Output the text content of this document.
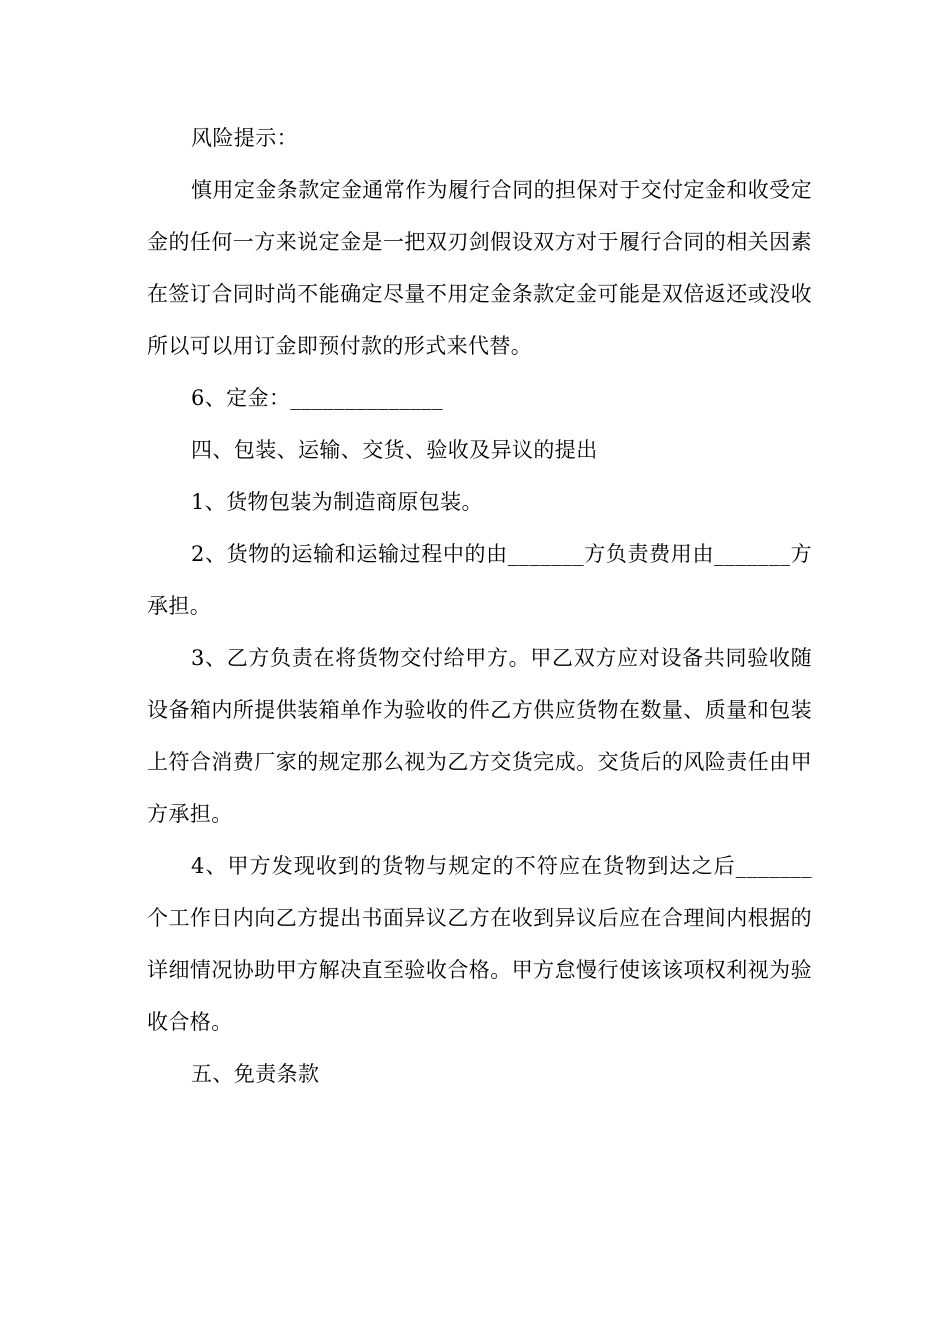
风险提示：

慎用定金条款定金通常作为履行合同的担保对于交付定金和收受定金的任何一方来说定金是一把双刃剑假设双方对于履行合同的相关因素在签订合同时尚不能确定尽量不用定金条款定金可能是双倍返还或没收所以可以用订金即预付款的形式来代替。

6、定金：______________

四、包装、运输、交货、验收及异议的提出

1、货物包装为制造商原包装。

2、货物的运输和运输过程中的由_______方负责费用由_______方承担。

3、乙方负责在将货物交付给甲方。甲乙双方应对设备共同验收随设备箱内所提供装箱单作为验收的件乙方供应货物在数量、质量和包装上符合消费厂家的规定那么视为乙方交货完成。交货后的风险责任由甲方承担。

4、甲方发现收到的货物与规定的不符应在货物到达之后_______个工作日内向乙方提出书面异议乙方在收到异议后应在合理间内根据的详细情况协助甲方解决直至验收合格。甲方怠慢行使该该项权利视为验收合格。

五、免责条款
